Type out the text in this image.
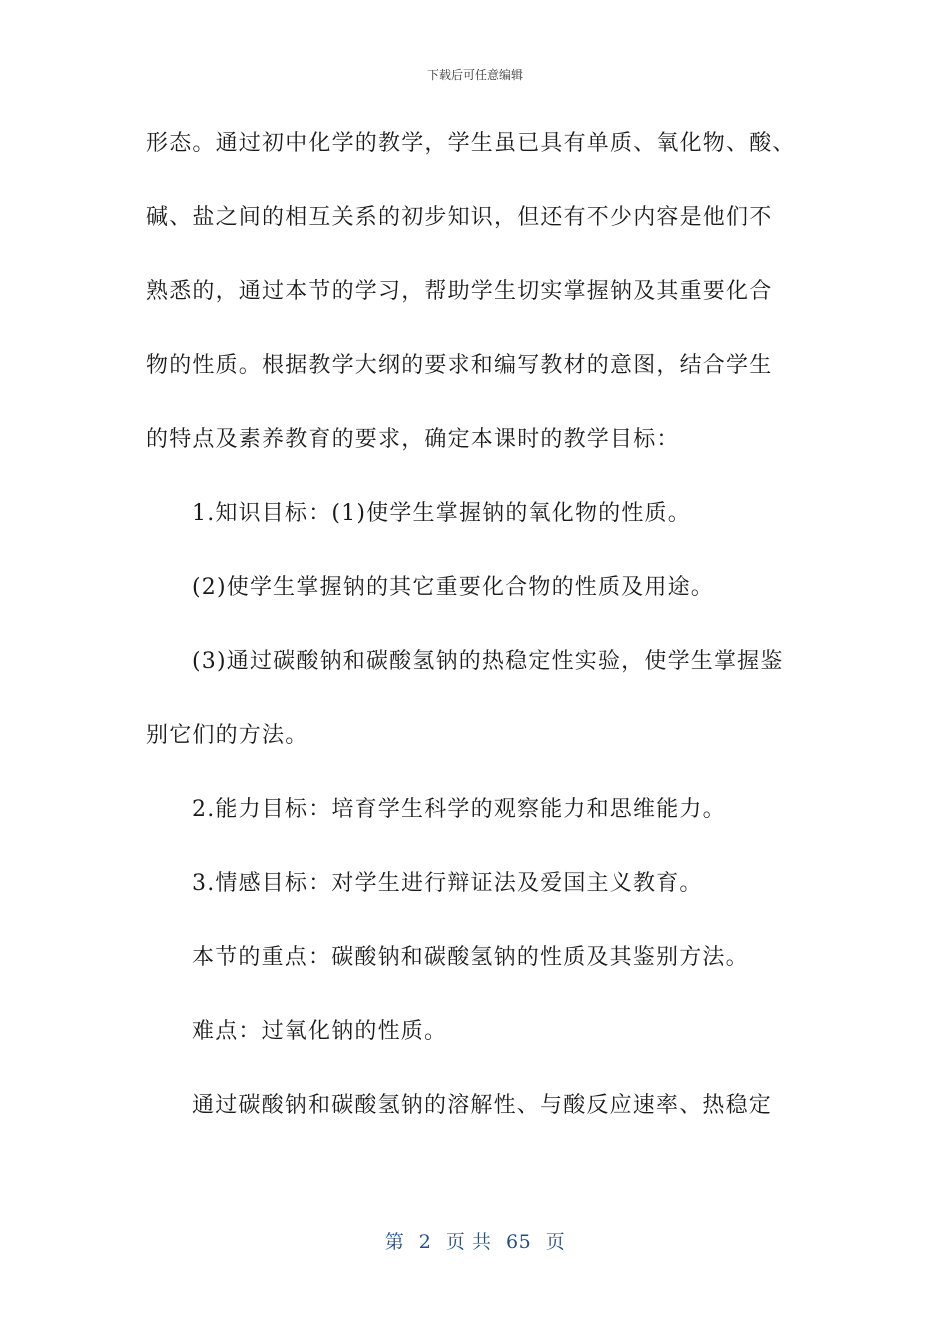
下载后可任意编辑
形态。通过初中化学的教学，学生虽已具有单质、氧化物、酸、
碱、盐之间的相互关系的初步知识，但还有不少内容是他们不
熟悉的，通过本节的学习，帮助学生切实掌握钠及其重要化合
物的性质。根据教学大纲的要求和编写教材的意图，结合学生
的特点及素养教育的要求，确定本课时的教学目标：
1.知识目标：(1)使学生掌握钠的氧化物的性质。
(2)使学生掌握钠的其它重要化合物的性质及用途。
(3)通过碳酸钠和碳酸氢钠的热稳定性实验，使学生掌握鉴
别它们的方法。
2.能力目标：培育学生科学的观察能力和思维能力。
3.情感目标：对学生进行辩证法及爱国主义教育。
本节的重点：碳酸钠和碳酸氢钠的性质及其鉴别方法。
难点：过氧化钠的性质。
通过碳酸钠和碳酸氢钠的溶解性、与酸反应速率、热稳定
第 2 页 共 65 页
